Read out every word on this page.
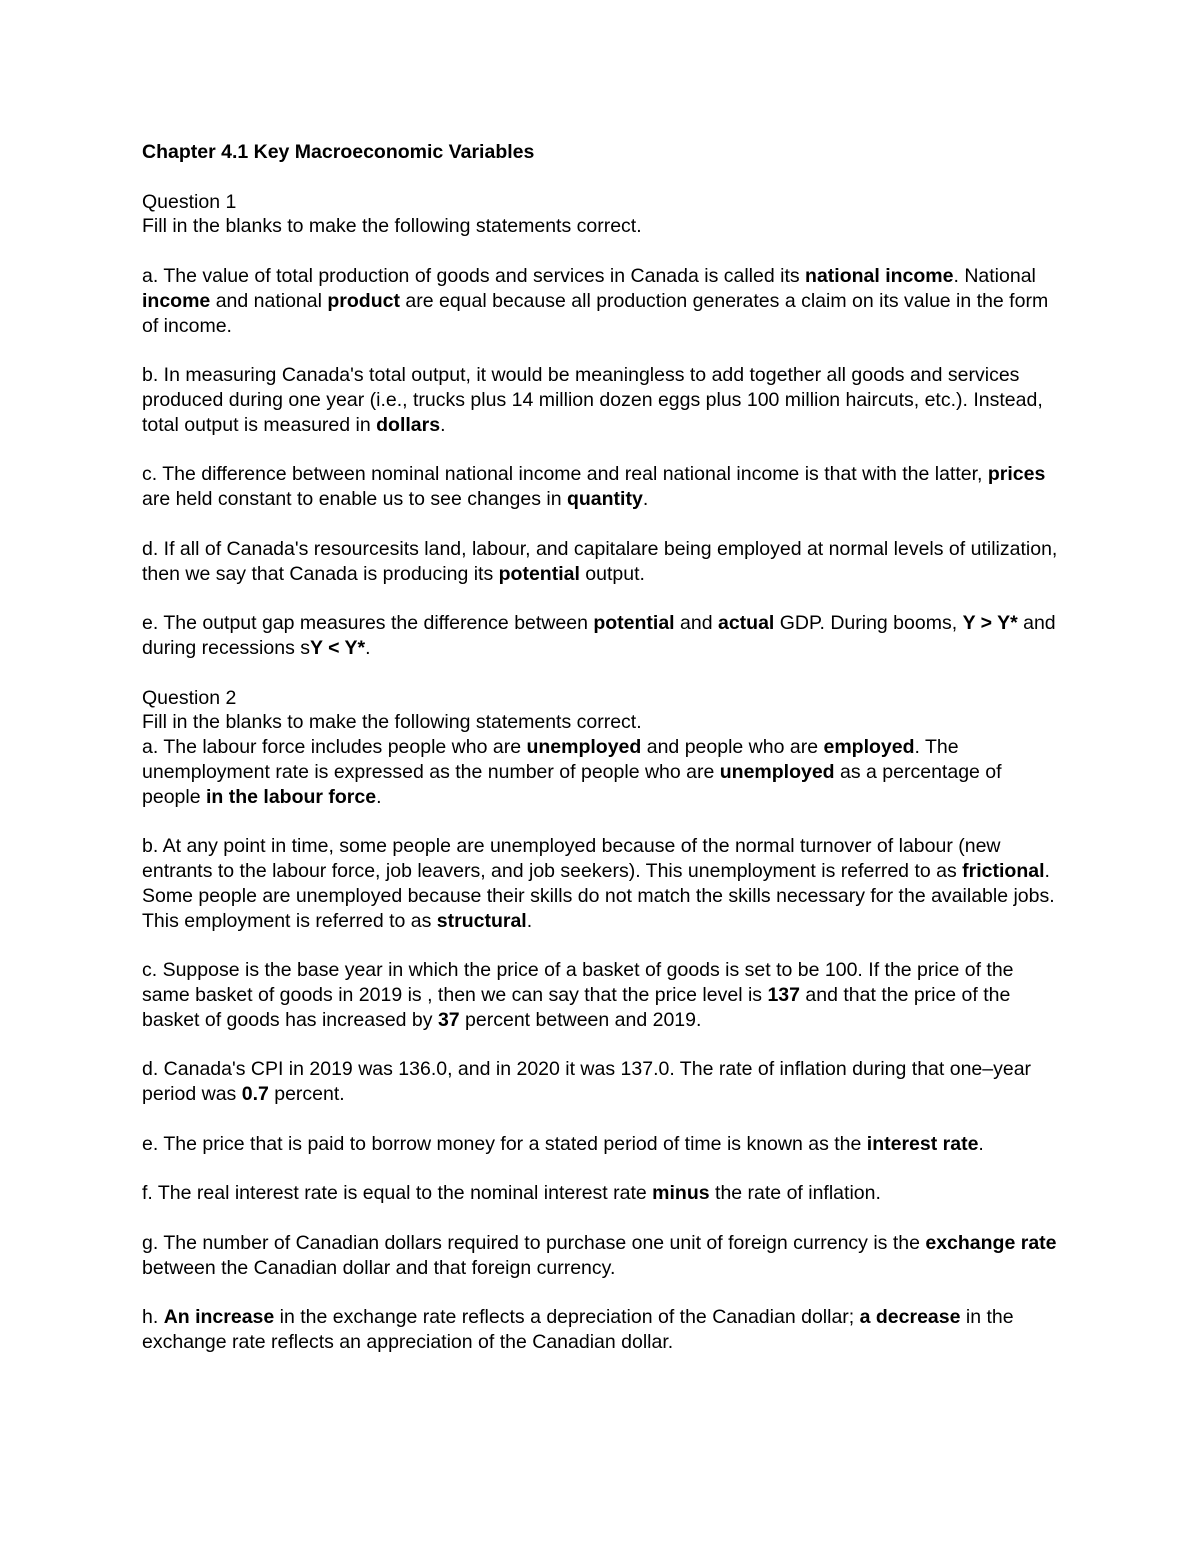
Chapter 4.1 Key Macroeconomic Variables

Question 1

Fill in the blanks to make the following statements correct.

a. The value of total production of goods and services in Canada is called its national income. National income and national product are equal because all production generates a claim on its value in the form of income.

b. In measuring Canada's total output, it would be meaningless to add together all goods and services produced during one year (i.e., trucks plus 14 million dozen eggs plus 100 million haircuts, etc.). Instead, total output is measured in dollars.

c. The difference between nominal national income and real national income is that with the latter, prices are held constant to enable us to see changes in quantity.

d. If all of Canada's resourcesits land, labour, and capitalare being employed at normal levels of utilization, then we say that Canada is producing its potential output.

e. The output gap measures the difference between potential and actual GDP. During booms, Y > Y* and during recessions sY < Y*.

Question 2

Fill in the blanks to make the following statements correct.

a. The labour force includes people who are unemployed and people who are employed. The unemployment rate is expressed as the number of people who are unemployed as a percentage of people in the labour force.

b. At any point in time, some people are unemployed because of the normal turnover of labour (new entrants to the labour force, job leavers, and job seekers). This unemployment is referred to as frictional. Some people are unemployed because their skills do not match the skills necessary for the available jobs. This employment is referred to as structural.

c. Suppose is the base year in which the price of a basket of goods is set to be 100. If the price of the same basket of goods in 2019 is , then we can say that the price level is 137 and that the price of the basket of goods has increased by 37 percent between and 2019.

d. Canada's CPI in 2019 was 136.0, and in 2020 it was 137.0. The rate of inflation during that one–year period was 0.7 percent.

e. The price that is paid to borrow money for a stated period of time is known as the interest rate.

f. The real interest rate is equal to the nominal interest rate minus the rate of inflation.

g. The number of Canadian dollars required to purchase one unit of foreign currency is the exchange rate between the Canadian dollar and that foreign currency.

h. An increase in the exchange rate reflects a depreciation of the Canadian dollar; a decrease in the exchange rate reflects an appreciation of the Canadian dollar.
